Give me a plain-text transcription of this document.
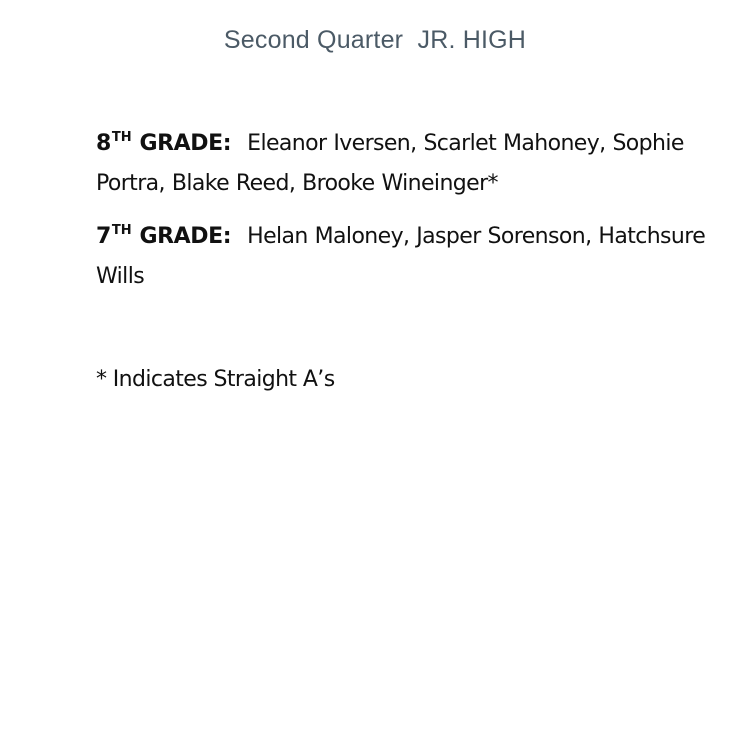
Second Quarter  JR. HIGH
8TH GRADE: Eleanor Iversen, Scarlet Mahoney, Sophie Portra, Blake Reed, Brooke Wineinger*
7TH GRADE: Helan Maloney, Jasper Sorenson, Hatchsure Wills
* Indicates Straight A’s
